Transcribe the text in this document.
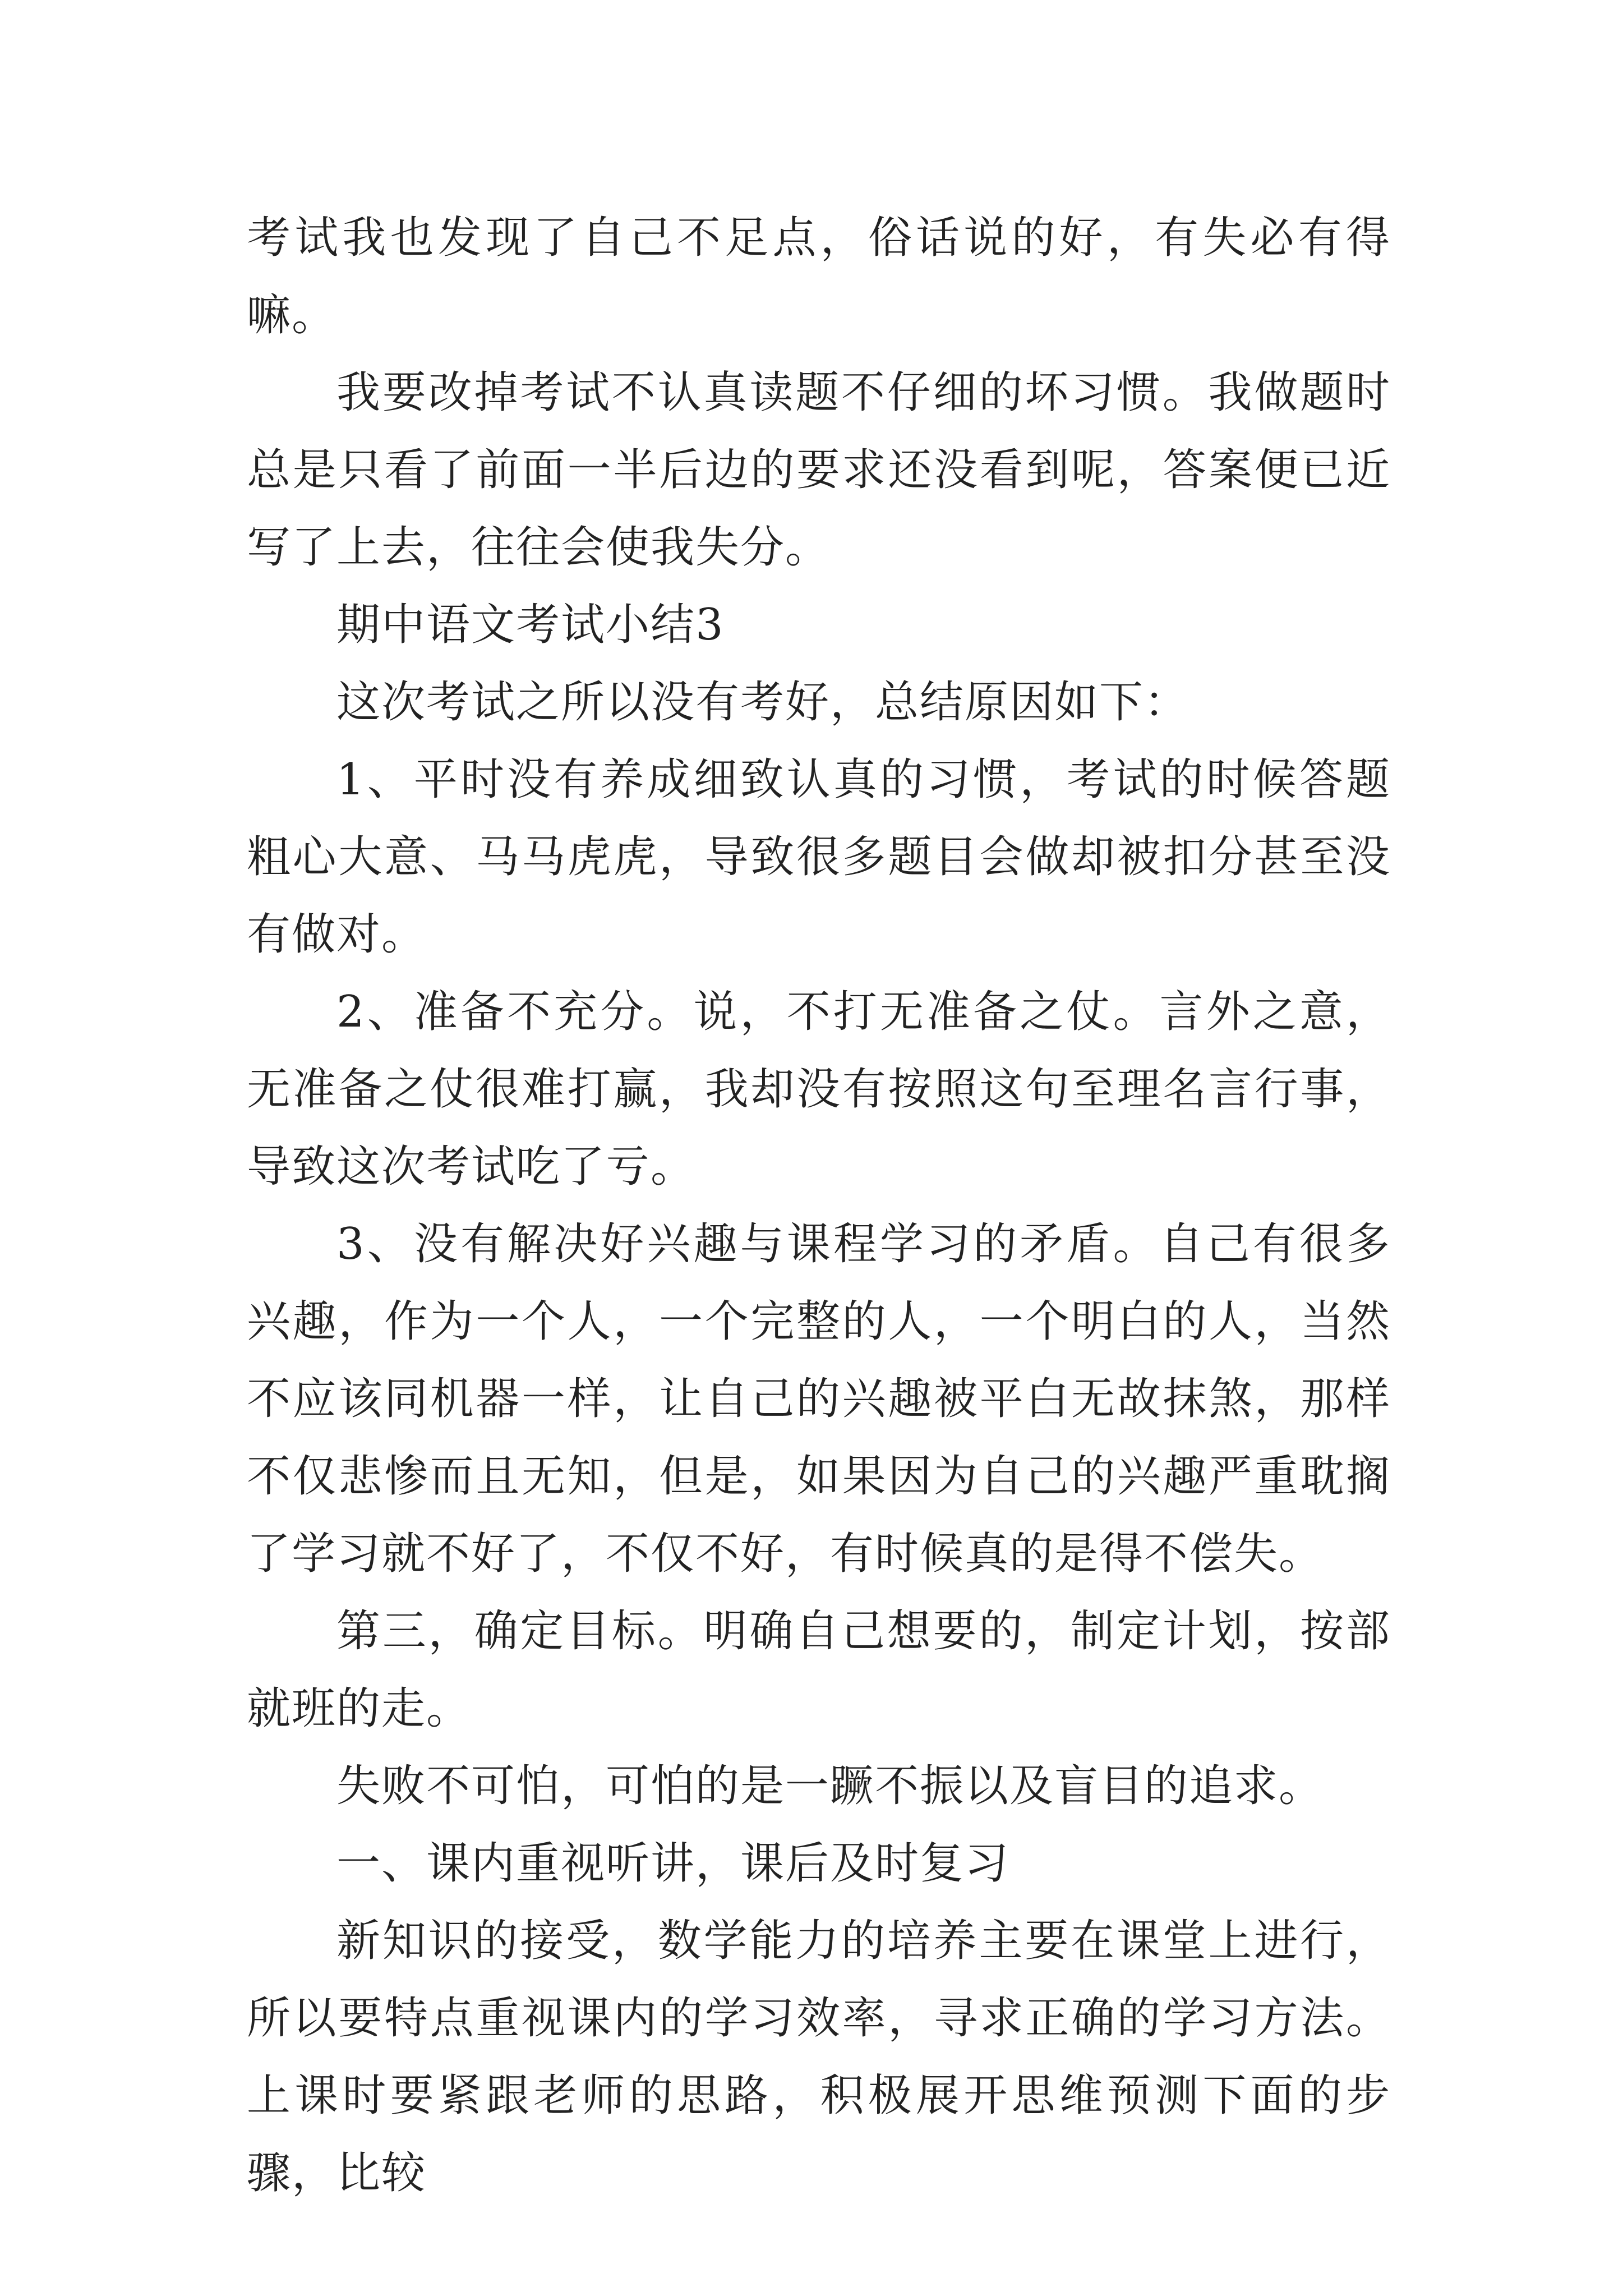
考试我也发现了自己不足点，俗话说的好，有失必有得嘛。

我要改掉考试不认真读题不仔细的坏习惯。我做题时总是只看了前面一半后边的要求还没看到呢，答案便已近写了上去，往往会使我失分。

期中语文考试小结3

这次考试之所以没有考好，总结原因如下：

1、平时没有养成细致认真的习惯，考试的时候答题粗心大意、马马虎虎，导致很多题目会做却被扣分甚至没有做对。

2、准备不充分。说，不打无准备之仗。言外之意，无准备之仗很难打赢，我却没有按照这句至理名言行事，导致这次考试吃了亏。

3、没有解决好兴趣与课程学习的矛盾。自己有很多兴趣，作为一个人，一个完整的人，一个明白的人，当然不应该同机器一样，让自己的兴趣被平白无故抹煞，那样不仅悲惨而且无知，但是，如果因为自己的兴趣严重耽搁了学习就不好了，不仅不好，有时候真的是得不偿失。

第三，确定目标。明确自己想要的，制定计划，按部就班的走。

失败不可怕，可怕的是一蹶不振以及盲目的追求。

一、课内重视听讲，课后及时复习

新知识的接受，数学能力的培养主要在课堂上进行，所以要特点重视课内的学习效率，寻求正确的学习方法。上课时要紧跟老师的思路，积极展开思维预测下面的步骤，比较
